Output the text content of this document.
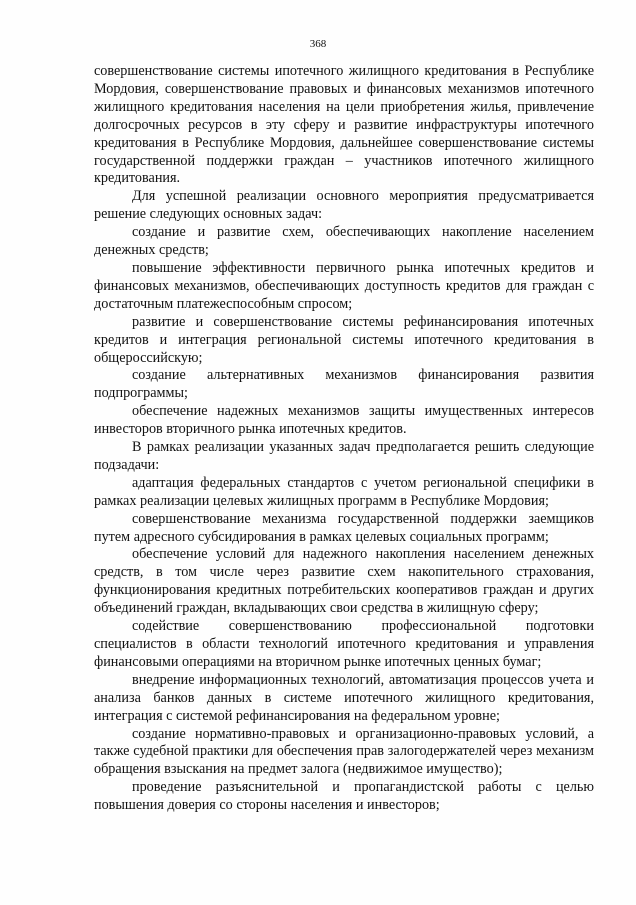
368

совершенствование системы ипотечного жилищного кредитования в Республике Мордовия, совершенствование правовых и финансовых механизмов ипотечного жилищного кредитования населения на цели приобретения жилья, привлечение долгосрочных ресурсов в эту сферу и развитие инфраструктуры ипотечного кредитования в Республике Мордовия, дальнейшее совершенствование системы государственной поддержки граждан – участников ипотечного жилищного кредитования.

Для успешной реализации основного мероприятия предусматривается решение следующих основных задач:

создание и развитие схем, обеспечивающих накопление населением денежных средств;

повышение эффективности первичного рынка ипотечных кредитов и финансовых механизмов, обеспечивающих доступность кредитов для граждан с достаточным платежеспособным спросом;

развитие и совершенствование системы рефинансирования ипотечных кредитов и интеграция региональной системы ипотечного кредитования в общероссийскую;

создание альтернативных механизмов финансирования развития подпрограммы;

обеспечение надежных механизмов защиты имущественных интересов инвесторов вторичного рынка ипотечных кредитов.

В рамках реализации указанных задач предполагается решить следующие подзадачи:

адаптация федеральных стандартов с учетом региональной специфики в рамках реализации целевых жилищных программ в Республике Мордовия;

совершенствование механизма государственной поддержки заемщиков путем адресного субсидирования в рамках целевых социальных программ;

обеспечение условий для надежного накопления населением денежных средств, в том числе через развитие схем накопительного страхования, функционирования кредитных потребительских кооперативов граждан и других объединений граждан, вкладывающих свои средства в жилищную сферу;

содействие совершенствованию профессиональной подготовки специалистов в области технологий ипотечного кредитования и управления финансовыми операциями на вторичном рынке ипотечных ценных бумаг;

внедрение информационных технологий, автоматизация процессов учета и анализа банков данных в системе ипотечного жилищного кредитования, интеграция с системой рефинансирования на федеральном уровне;

создание нормативно-правовых и организационно-правовых условий, а также судебной практики для обеспечения прав залогодержателей через механизм обращения взыскания на предмет залога (недвижимое имущество);

проведение разъяснительной и пропагандистской работы с целью повышения доверия со стороны населения и инвесторов;
